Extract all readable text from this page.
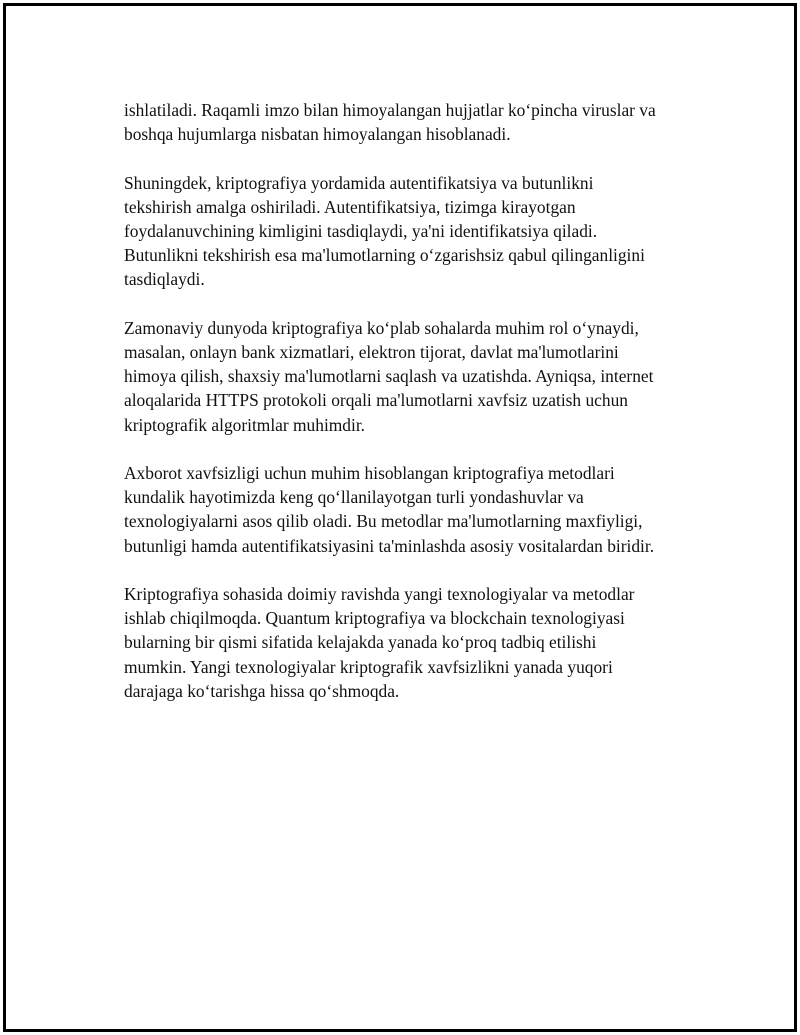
ishlatiladi. Raqamli imzo bilan himoyalangan hujjatlar ko‘pincha viruslar va
boshqa hujumlarga nisbatan himoyalangan hisoblanadi.

Shuningdek, kriptografiya yordamida autentifikatsiya va butunlikni
tekshirish amalga oshiriladi. Autentifikatsiya, tizimga kirayotgan
foydalanuvchining kimligini tasdiqlaydi, ya'ni identifikatsiya qiladi.
Butunlikni tekshirish esa ma'lumotlarning o‘zgarishsiz qabul qilinganligini
tasdiqlaydi.

Zamonaviy dunyoda kriptografiya ko‘plab sohalarda muhim rol o‘ynaydi,
masalan, onlayn bank xizmatlari, elektron tijorat, davlat ma'lumotlarini
himoya qilish, shaxsiy ma'lumotlarni saqlash va uzatishda. Ayniqsa, internet
aloqalarida HTTPS protokoli orqali ma'lumotlarni xavfsiz uzatish uchun
kriptografik algoritmlar muhimdir.

Axborot xavfsizligi uchun muhim hisoblangan kriptografiya metodlari
kundalik hayotimizda keng qo‘llanilayotgan turli yondashuvlar va
texnologiyalarni asos qilib oladi. Bu metodlar ma'lumotlarning maxfiyligi,
butunligi hamda autentifikatsiyasini ta'minlashda asosiy vositalardan biridir.

Kriptografiya sohasida doimiy ravishda yangi texnologiyalar va metodlar
ishlab chiqilmoqda. Quantum kriptografiya va blockchain texnologiyasi
bularning bir qismi sifatida kelajakda yanada ko‘proq tadbiq etilishi
mumkin. Yangi texnologiyalar kriptografik xavfsizlikni yanada yuqori
darajaga ko‘tarishga hissa qo‘shmoqda.
